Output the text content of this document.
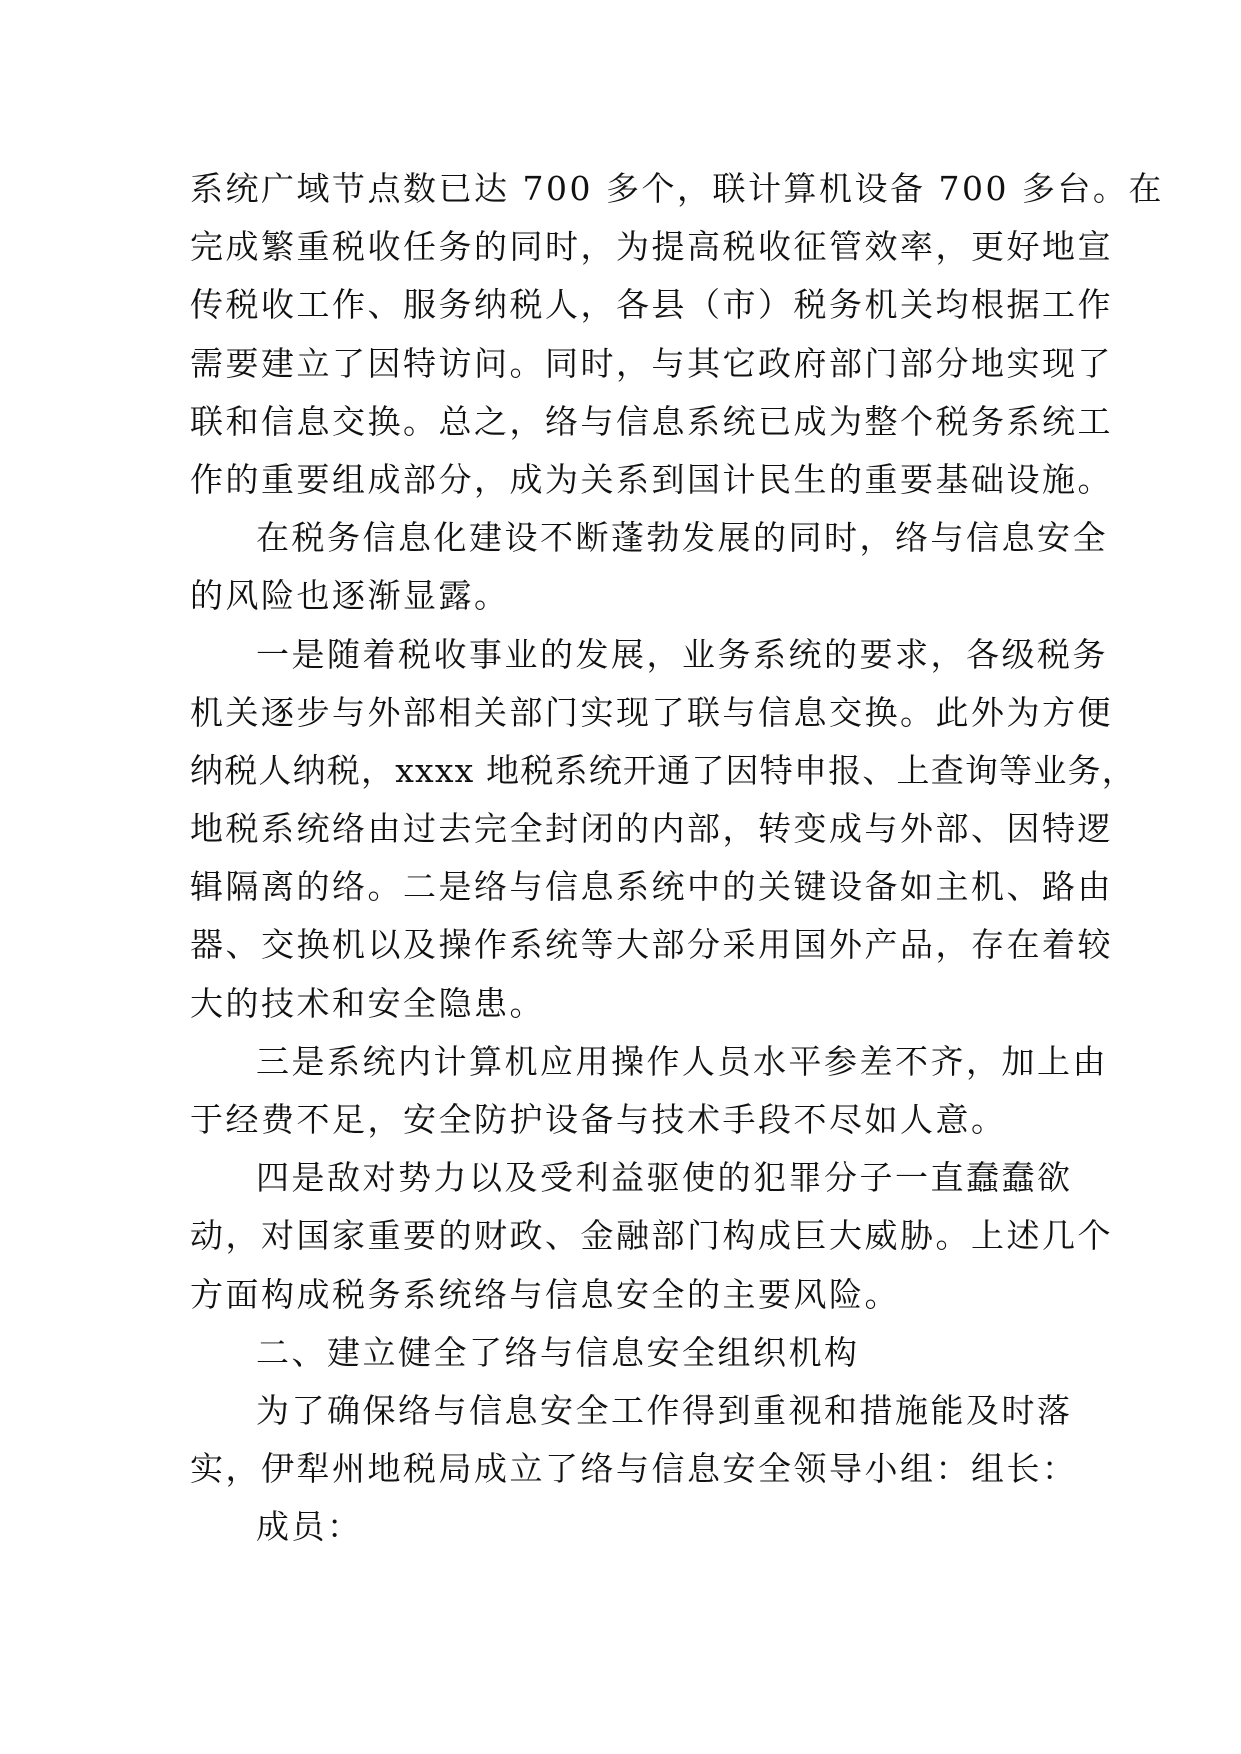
系统广域节点数已达 700 多个，联计算机设备 700 多台。在
完成繁重税收任务的同时，为提高税收征管效率，更好地宣
传税收工作、服务纳税人，各县（市）税务机关均根据工作
需要建立了因特访问。同时，与其它政府部门部分地实现了
联和信息交换。总之，络与信息系统已成为整个税务系统工
作的重要组成部分，成为关系到国计民生的重要基础设施。
在税务信息化建设不断蓬勃发展的同时，络与信息安全
的风险也逐渐显露。
一是随着税收事业的发展，业务系统的要求，各级税务
机关逐步与外部相关部门实现了联与信息交换。此外为方便
纳税人纳税，xxxx 地税系统开通了因特申报、上查询等业务，
地税系统络由过去完全封闭的内部，转变成与外部、因特逻
辑隔离的络。二是络与信息系统中的关键设备如主机、路由
器、交换机以及操作系统等大部分采用国外产品，存在着较
大的技术和安全隐患。
三是系统内计算机应用操作人员水平参差不齐，加上由
于经费不足，安全防护设备与技术手段不尽如人意。
四是敌对势力以及受利益驱使的犯罪分子一直蠢蠢欲
动，对国家重要的财政、金融部门构成巨大威胁。上述几个
方面构成税务系统络与信息安全的主要风险。
二、建立健全了络与信息安全组织机构
为了确保络与信息安全工作得到重视和措施能及时落
实，伊犁州地税局成立了络与信息安全领导小组：组长：
成员：
